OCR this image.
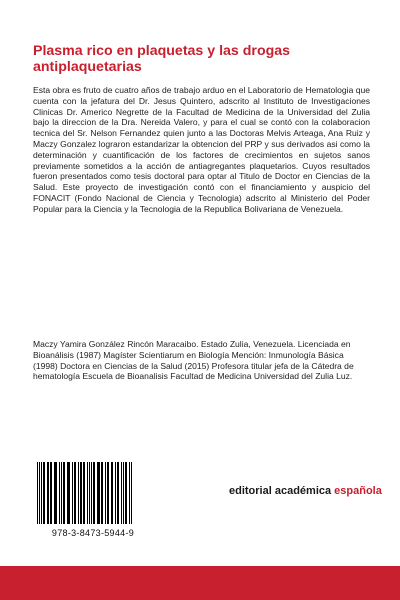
Plasma rico en plaquetas y las drogas antiplaquetarias

Esta obra es fruto de cuatro años de trabajo arduo en el Laboratorio de Hematologia que cuenta con la jefatura del Dr. Jesus Quintero, adscrito al Instituto de Investigaciones Clinicas Dr. Americo Negrette de la Facultad de Medicina de la Universidad del Zulia bajo la direccion de la Dra. Nereida Valero, y para el cual se contó con la colaboracion tecnica del Sr. Nelson Fernandez quien junto a las Doctoras Melvis Arteaga, Ana Ruiz y Maczy Gonzalez lograron estandarizar la obtencion del PRP y sus derivados asi como la determinación y cuantificación de los factores de crecimientos en sujetos sanos previamente sometidos a la acción de antiagregantes plaquetarios. Cuyos resultados fueron presentados como tesis doctoral para optar al Titulo de Doctor en Ciencias de la Salud. Este proyecto de investigación contó con el financiamiento y auspicio del FONACIT (Fondo Nacional de Ciencia y Tecnologia) adscrito al Ministerio del Poder Popular para la Ciencia y la Tecnologia de la Republica Bolivariana de Venezuela.

Maczy Yamira González Rincón Maracaibo. Estado Zulia, Venezuela. Licenciada en Bioanálisis (1987) Magíster Scientiarum en Biología Mención: Inmunología Básica (1998) Doctora en Ciencias de la Salud (2015) Profesora titular jefa de la Cátedra de hematología Escuela de Bioanalisis Facultad de Medicina Universidad del Zulia Luz.

978-3-8473-5944-9
editorial académica española
